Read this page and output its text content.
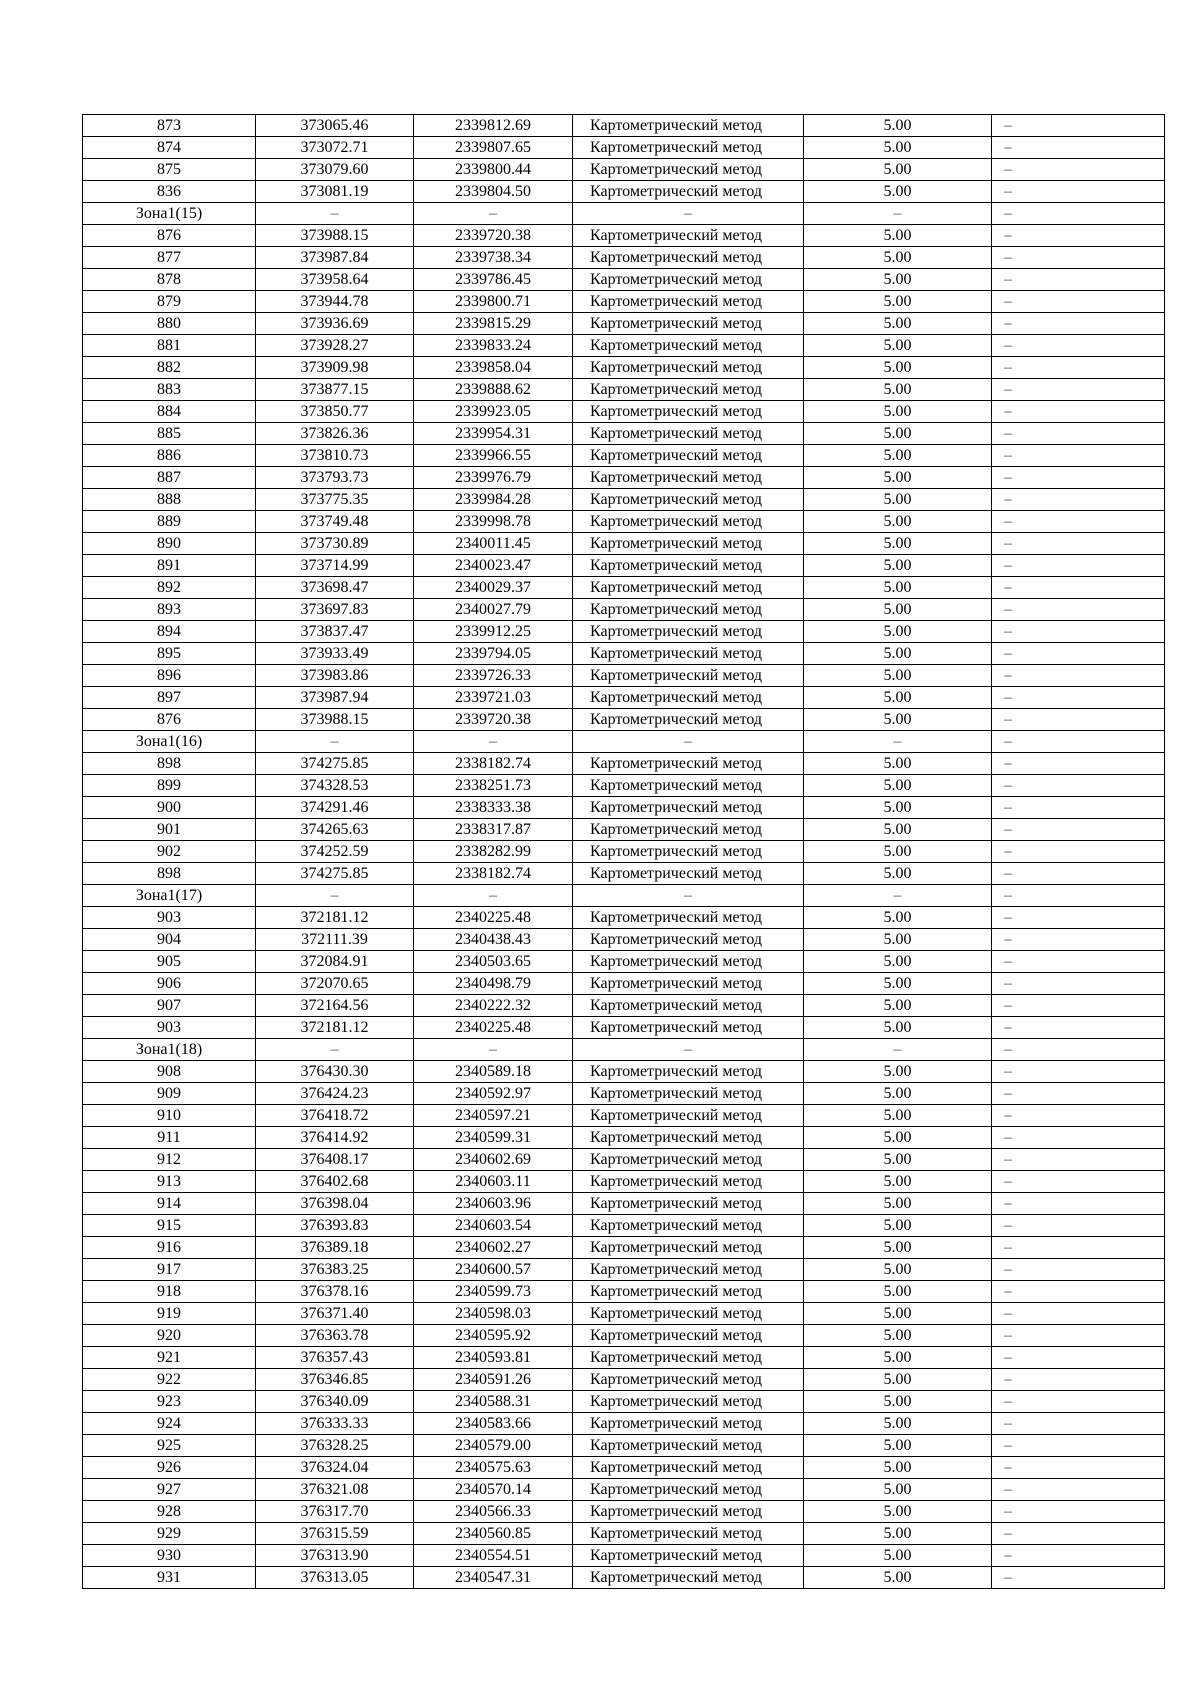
873	373065.46	2339812.69	Картометрический метод	5.00	–
874	373072.71	2339807.65	Картометрический метод	5.00	–
875	373079.60	2339800.44	Картометрический метод	5.00	–
836	373081.19	2339804.50	Картометрический метод	5.00	–
Зона1(15)	–	–	–	–	–
876	373988.15	2339720.38	Картометрический метод	5.00	–
877	373987.84	2339738.34	Картометрический метод	5.00	–
878	373958.64	2339786.45	Картометрический метод	5.00	–
879	373944.78	2339800.71	Картометрический метод	5.00	–
880	373936.69	2339815.29	Картометрический метод	5.00	–
881	373928.27	2339833.24	Картометрический метод	5.00	–
882	373909.98	2339858.04	Картометрический метод	5.00	–
883	373877.15	2339888.62	Картометрический метод	5.00	–
884	373850.77	2339923.05	Картометрический метод	5.00	–
885	373826.36	2339954.31	Картометрический метод	5.00	–
886	373810.73	2339966.55	Картометрический метод	5.00	–
887	373793.73	2339976.79	Картометрический метод	5.00	–
888	373775.35	2339984.28	Картометрический метод	5.00	–
889	373749.48	2339998.78	Картометрический метод	5.00	–
890	373730.89	2340011.45	Картометрический метод	5.00	–
891	373714.99	2340023.47	Картометрический метод	5.00	–
892	373698.47	2340029.37	Картометрический метод	5.00	–
893	373697.83	2340027.79	Картометрический метод	5.00	–
894	373837.47	2339912.25	Картометрический метод	5.00	–
895	373933.49	2339794.05	Картометрический метод	5.00	–
896	373983.86	2339726.33	Картометрический метод	5.00	–
897	373987.94	2339721.03	Картометрический метод	5.00	–
876	373988.15	2339720.38	Картометрический метод	5.00	–
Зона1(16)	–	–	–	–	–
898	374275.85	2338182.74	Картометрический метод	5.00	–
899	374328.53	2338251.73	Картометрический метод	5.00	–
900	374291.46	2338333.38	Картометрический метод	5.00	–
901	374265.63	2338317.87	Картометрический метод	5.00	–
902	374252.59	2338282.99	Картометрический метод	5.00	–
898	374275.85	2338182.74	Картометрический метод	5.00	–
Зона1(17)	–	–	–	–	–
903	372181.12	2340225.48	Картометрический метод	5.00	–
904	372111.39	2340438.43	Картометрический метод	5.00	–
905	372084.91	2340503.65	Картометрический метод	5.00	–
906	372070.65	2340498.79	Картометрический метод	5.00	–
907	372164.56	2340222.32	Картометрический метод	5.00	–
903	372181.12	2340225.48	Картометрический метод	5.00	–
Зона1(18)	–	–	–	–	–
908	376430.30	2340589.18	Картометрический метод	5.00	–
909	376424.23	2340592.97	Картометрический метод	5.00	–
910	376418.72	2340597.21	Картометрический метод	5.00	–
911	376414.92	2340599.31	Картометрический метод	5.00	–
912	376408.17	2340602.69	Картометрический метод	5.00	–
913	376402.68	2340603.11	Картометрический метод	5.00	–
914	376398.04	2340603.96	Картометрический метод	5.00	–
915	376393.83	2340603.54	Картометрический метод	5.00	–
916	376389.18	2340602.27	Картометрический метод	5.00	–
917	376383.25	2340600.57	Картометрический метод	5.00	–
918	376378.16	2340599.73	Картометрический метод	5.00	–
919	376371.40	2340598.03	Картометрический метод	5.00	–
920	376363.78	2340595.92	Картометрический метод	5.00	–
921	376357.43	2340593.81	Картометрический метод	5.00	–
922	376346.85	2340591.26	Картометрический метод	5.00	–
923	376340.09	2340588.31	Картометрический метод	5.00	–
924	376333.33	2340583.66	Картометрический метод	5.00	–
925	376328.25	2340579.00	Картометрический метод	5.00	–
926	376324.04	2340575.63	Картометрический метод	5.00	–
927	376321.08	2340570.14	Картометрический метод	5.00	–
928	376317.70	2340566.33	Картометрический метод	5.00	–
929	376315.59	2340560.85	Картометрический метод	5.00	–
930	376313.90	2340554.51	Картометрический метод	5.00	–
931	376313.05	2340547.31	Картометрический метод	5.00	–
